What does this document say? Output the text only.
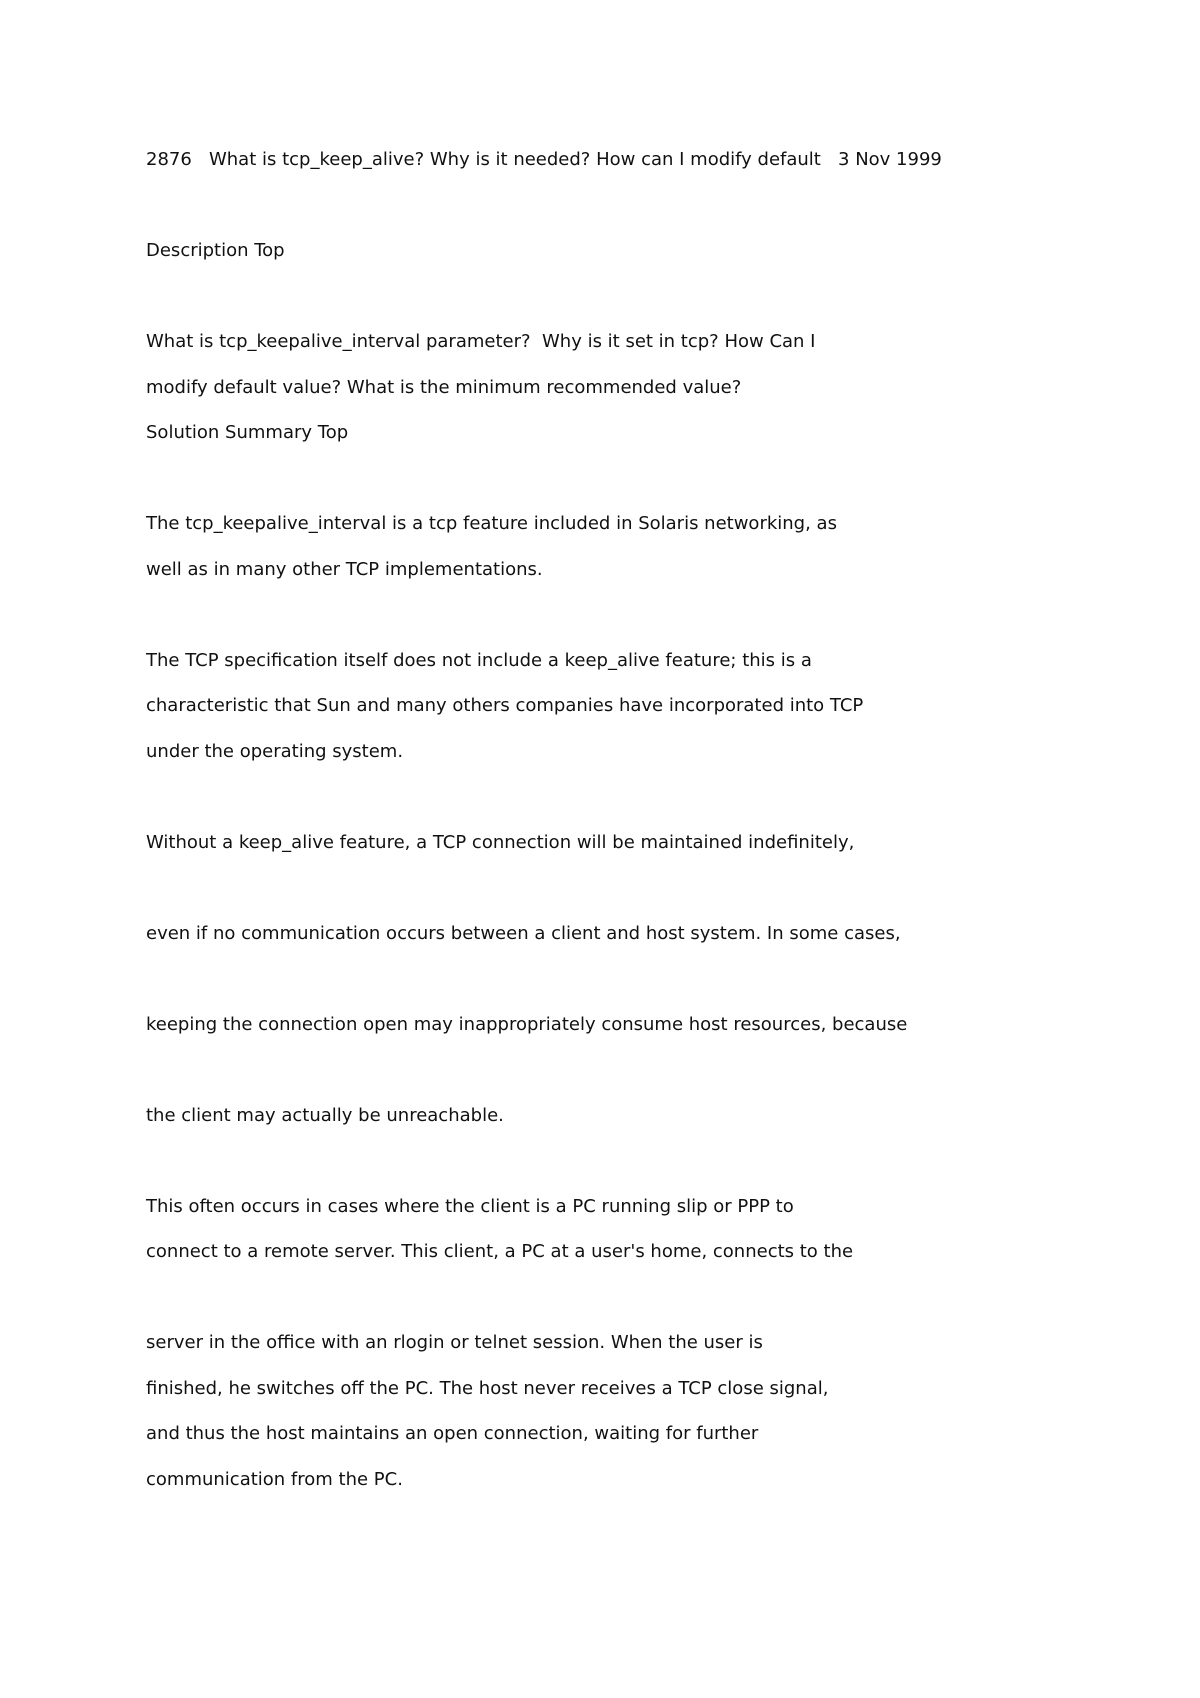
2876   What is tcp_keep_alive? Why is it needed? How can I modify default   3 Nov 1999
Description Top
What is tcp_keepalive_interval parameter?  Why is it set in tcp? How Can I
modify default value? What is the minimum recommended value?
Solution Summary Top
The tcp_keepalive_interval is a tcp feature included in Solaris networking, as
well as in many other TCP implementations.
The TCP specification itself does not include a keep_alive feature; this is a
characteristic that Sun and many others companies have incorporated into TCP
under the operating system.
Without a keep_alive feature, a TCP connection will be maintained indefinitely,
even if no communication occurs between a client and host system. In some cases,
keeping the connection open may inappropriately consume host resources, because
the client may actually be unreachable.
This often occurs in cases where the client is a PC running slip or PPP to
connect to a remote server. This client, a PC at a user's home, connects to the
server in the office with an rlogin or telnet session. When the user is
finished, he switches off the PC. The host never receives a TCP close signal,
and thus the host maintains an open connection, waiting for further
communication from the PC.
